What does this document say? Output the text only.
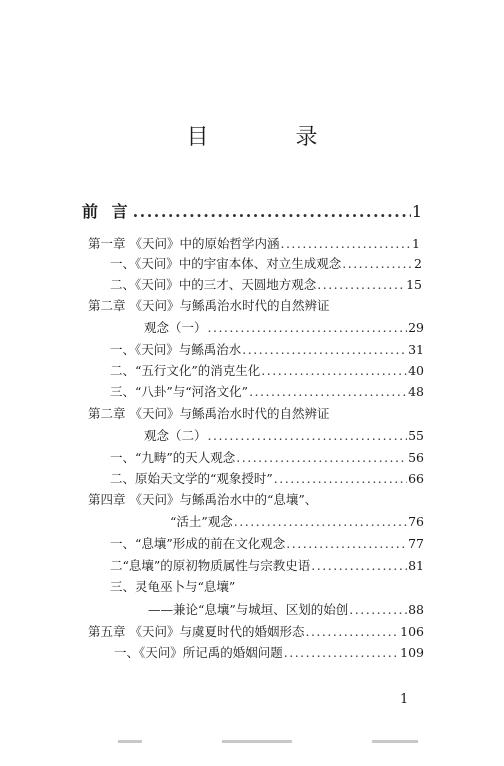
目 录
前 言 .....	1
第一章 《天问》中的原始哲学内涵 .....	1
一、《天问》中的宇宙本体、对立生成观念 .....	2
二、《天问》中的三才、天圆地方观念 .....	15
第二章 《天问》与鲧禹治水时代的自然辨证
观念（一） .....	29
一、《天问》与鲧禹治水 .....	31
二、“五行文化”的消克生化 .....	40
三、“八卦”与“河洛文化” .....	48
第二章 《天问》与鲧禹治水时代的自然辨证
观念（二） .....	55
一、“九畴”的天人观念 .....	56
二、原始天文学的“观象授时” .....	66
第四章 《天问》与鲧禹治水中的“息壤”、
“活土”观念 .....	76
一、“息壤”形成的前在文化观念 .....	77
二“息壤”的原初物质属性与宗教史语 .....	81
三、灵龟巫卜与“息壤”
——兼论“息壤”与城垣、区划的始创 .....	88
第五章 《天问》与虞夏时代的婚姻形态 .....	106
一、《天问》所记禹的婚姻问题 .....	109
1
